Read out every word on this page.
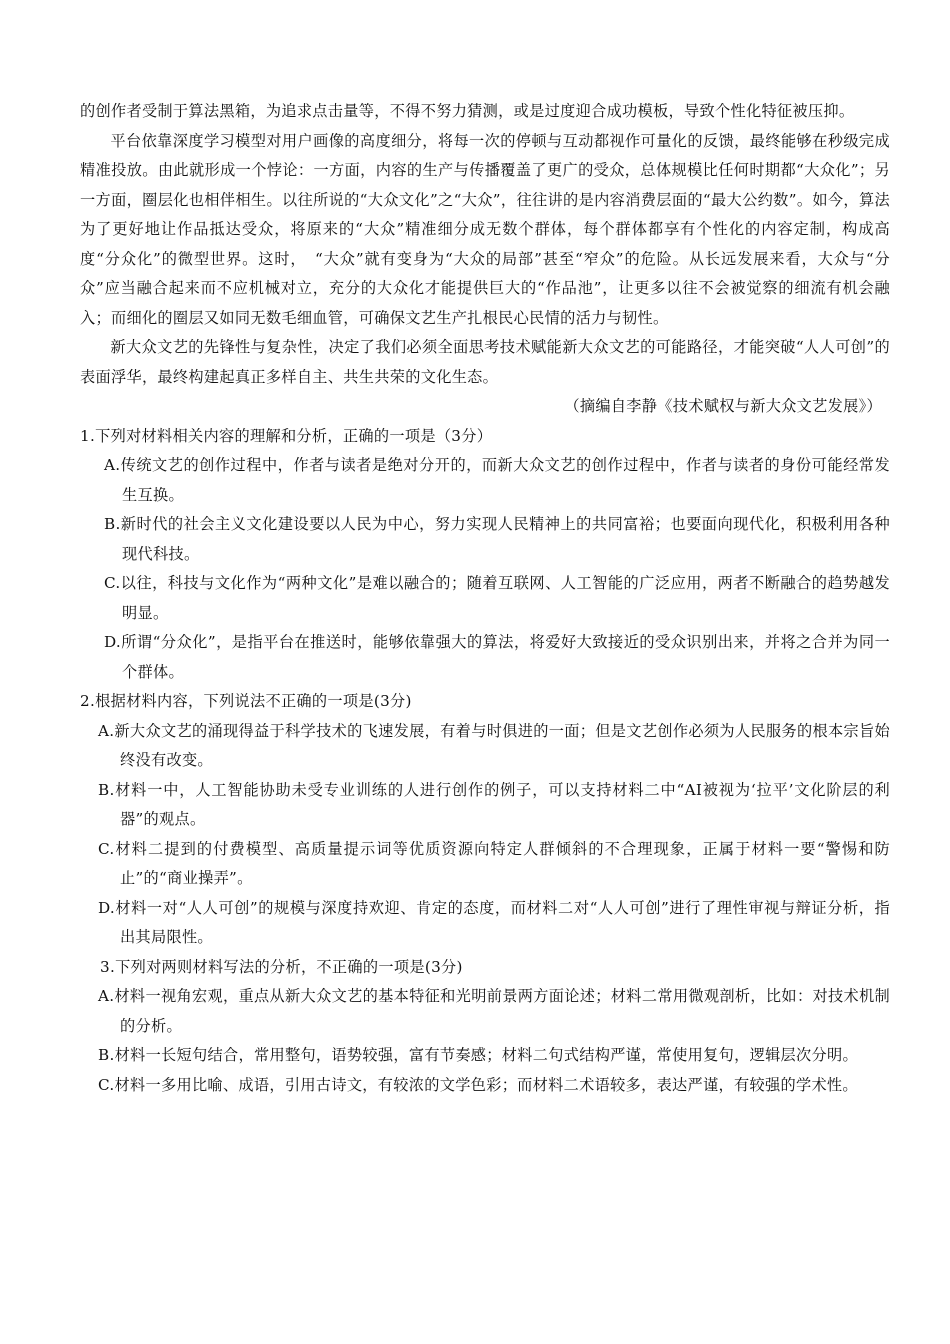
的创作者受制于算法黑箱，为追求点击量等，不得不努力猜测，或是过度迎合成功模板，导致个性化特征被压抑。

平台依靠深度学习模型对用户画像的高度细分，将每一次的停顿与互动都视作可量化的反馈，最终能够在秒级完成精准投放。由此就形成一个悖论：一方面，内容的生产与传播覆盖了更广的受众，总体规模比任何时期都“大众化”；另一方面，圈层化也相伴相生。以往所说的“大众文化”之“大众”，往往讲的是内容消费层面的“最大公约数”。如今，算法为了更好地让作品抵达受众，将原来的“大众”精准细分成无数个群体，每个群体都享有个性化的内容定制，构成高度“分众化”的微型世界。这时，　“大众”就有变身为“大众的局部”甚至“窄众”的危险。从长远发展来看，大众与“分众”应当融合起来而不应机械对立，充分的大众化才能提供巨大的“作品池”，让更多以往不会被觉察的细流有机会融入；而细化的圈层又如同无数毛细血管，可确保文艺生产扎根民心民情的活力与韧性。

新大众文艺的先锋性与复杂性，决定了我们必须全面思考技术赋能新大众文艺的可能路径，才能突破“人人可创”的表面浮华，最终构建起真正多样自主、共生共荣的文化生态。

（摘编自李静《技术赋权与新大众文艺发展》）

1.下列对材料相关内容的理解和分析，正确的一项是（3分）

A.传统文艺的创作过程中，作者与读者是绝对分开的，而新大众文艺的创作过程中，作者与读者的身份可能经常发生互换。

B.新时代的社会主义文化建设要以人民为中心，努力实现人民精神上的共同富裕；也要面向现代化，积极利用各种现代科技。

C.以往，科技与文化作为“两种文化”是难以融合的；随着互联网、人工智能的广泛应用，两者不断融合的趋势越发明显。

D.所谓“分众化”，是指平台在推送时，能够依靠强大的算法，将爱好大致接近的受众识别出来，并将之合并为同一个群体。

2.根据材料内容，下列说法不正确的一项是(3分)

A.新大众文艺的涌现得益于科学技术的飞速发展，有着与时俱进的一面；但是文艺创作必须为人民服务的根本宗旨始终没有改变。

B.材料一中，人工智能协助未受专业训练的人进行创作的例子，可以支持材料二中“AI被视为‘拉平’文化阶层的利器”的观点。

C.材料二提到的付费模型、高质量提示词等优质资源向特定人群倾斜的不合理现象，正属于材料一要“警惕和防止”的“商业操弄”。

D.材料一对“人人可创”的规模与深度持欢迎、肯定的态度，而材料二对“人人可创”进行了理性审视与辩证分析，指出其局限性。

3.下列对两则材料写法的分析，不正确的一项是(3分)

A.材料一视角宏观，重点从新大众文艺的基本特征和光明前景两方面论述；材料二常用微观剖析，比如：对技术机制的分析。

B.材料一长短句结合，常用整句，语势较强，富有节奏感；材料二句式结构严谨，常使用复句，逻辑层次分明。

C.材料一多用比喻、成语，引用古诗文，有较浓的文学色彩；而材料二术语较多，表达严谨，有较强的学术性。
